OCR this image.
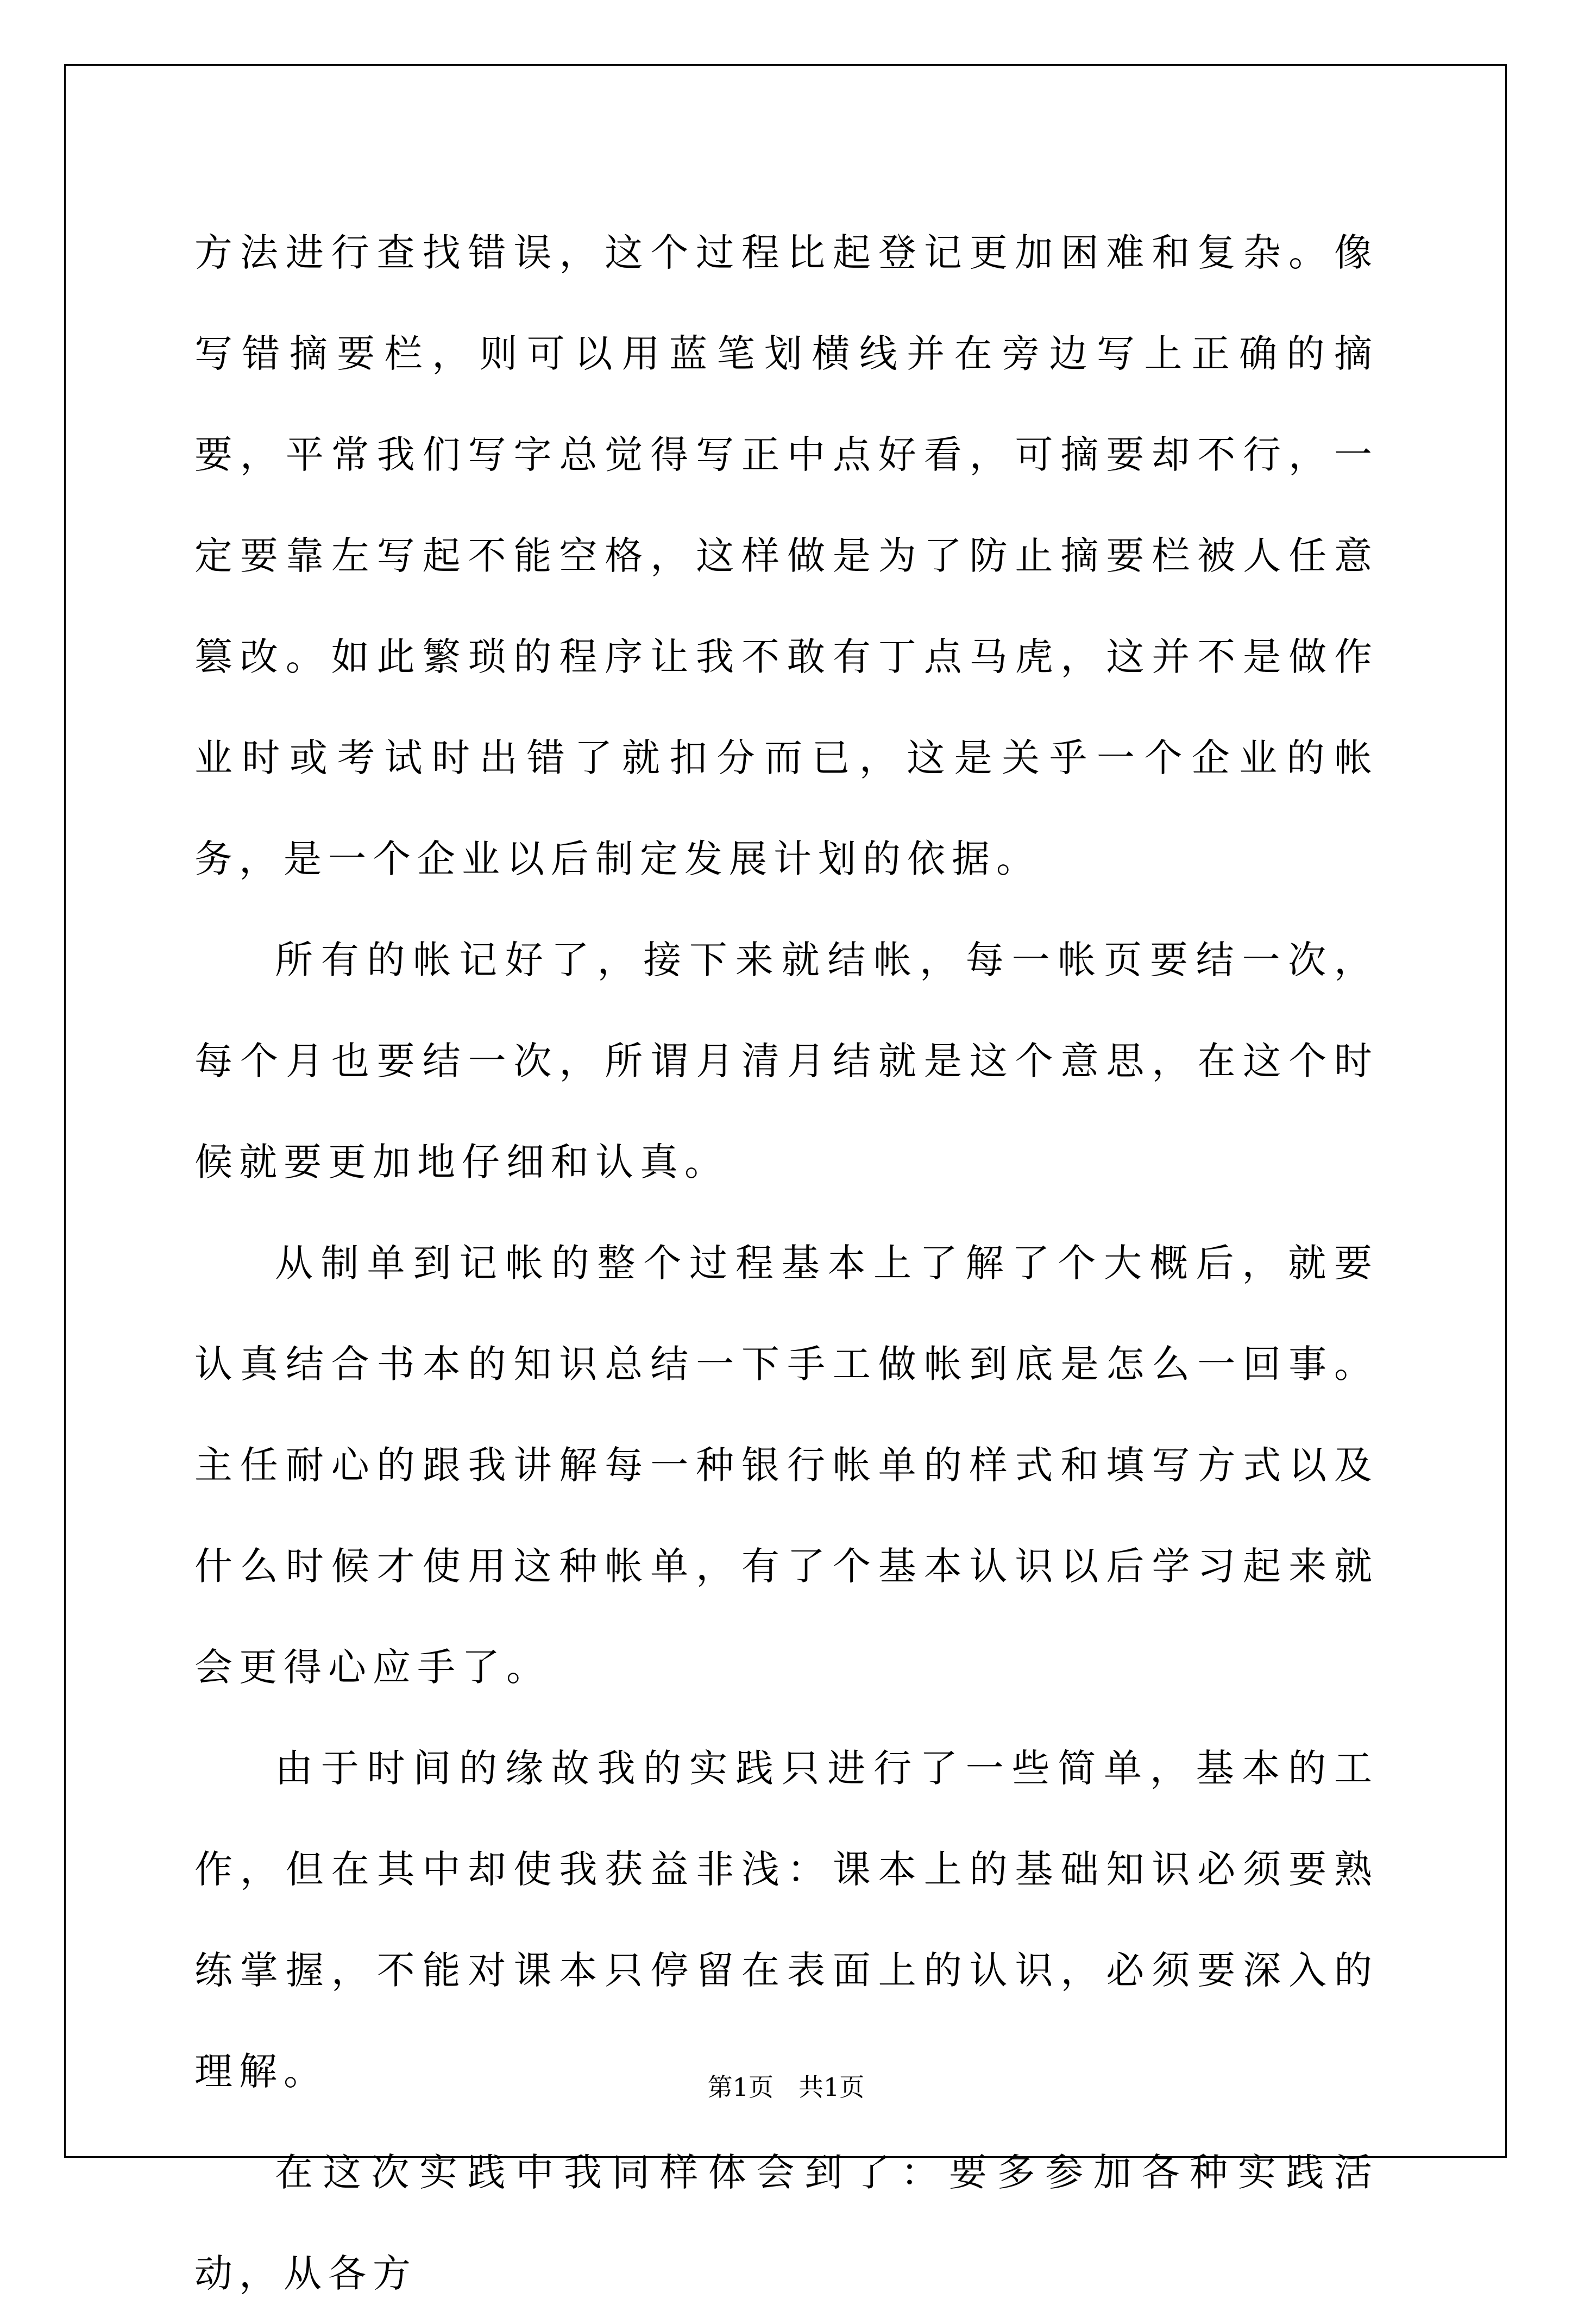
方法进行查找错误，这个过程比起登记更加困难和复杂。像写错摘要栏，则可以用蓝笔划横线并在旁边写上正确的摘要，平常我们写字总觉得写正中点好看，可摘要却不行，一定要靠左写起不能空格，这样做是为了防止摘要栏被人任意篡改。如此繁琐的程序让我不敢有丁点马虎，这并不是做作业时或考试时出错了就扣分而已，这是关乎一个企业的帐务，是一个企业以后制定发展计划的依据。

所有的帐记好了，接下来就结帐，每一帐页要结一次，每个月也要结一次，所谓月清月结就是这个意思，在这个时候就要更加地仔细和认真。

从制单到记帐的整个过程基本上了解了个大概后，就要认真结合书本的知识总结一下手工做帐到底是怎么一回事。主任耐心的跟我讲解每一种银行帐单的样式和填写方式以及什么时候才使用这种帐单，有了个基本认识以后学习起来就会更得心应手了。

由于时间的缘故我的实践只进行了一些简单，基本的工作，但在其中却使我获益非浅：课本上的基础知识必须要熟练掌握，不能对课本只停留在表面上的认识，必须要深入的理解。

在这次实践中我同样体会到了：要多参加各种实践活动，从各方

第1页 共1页
